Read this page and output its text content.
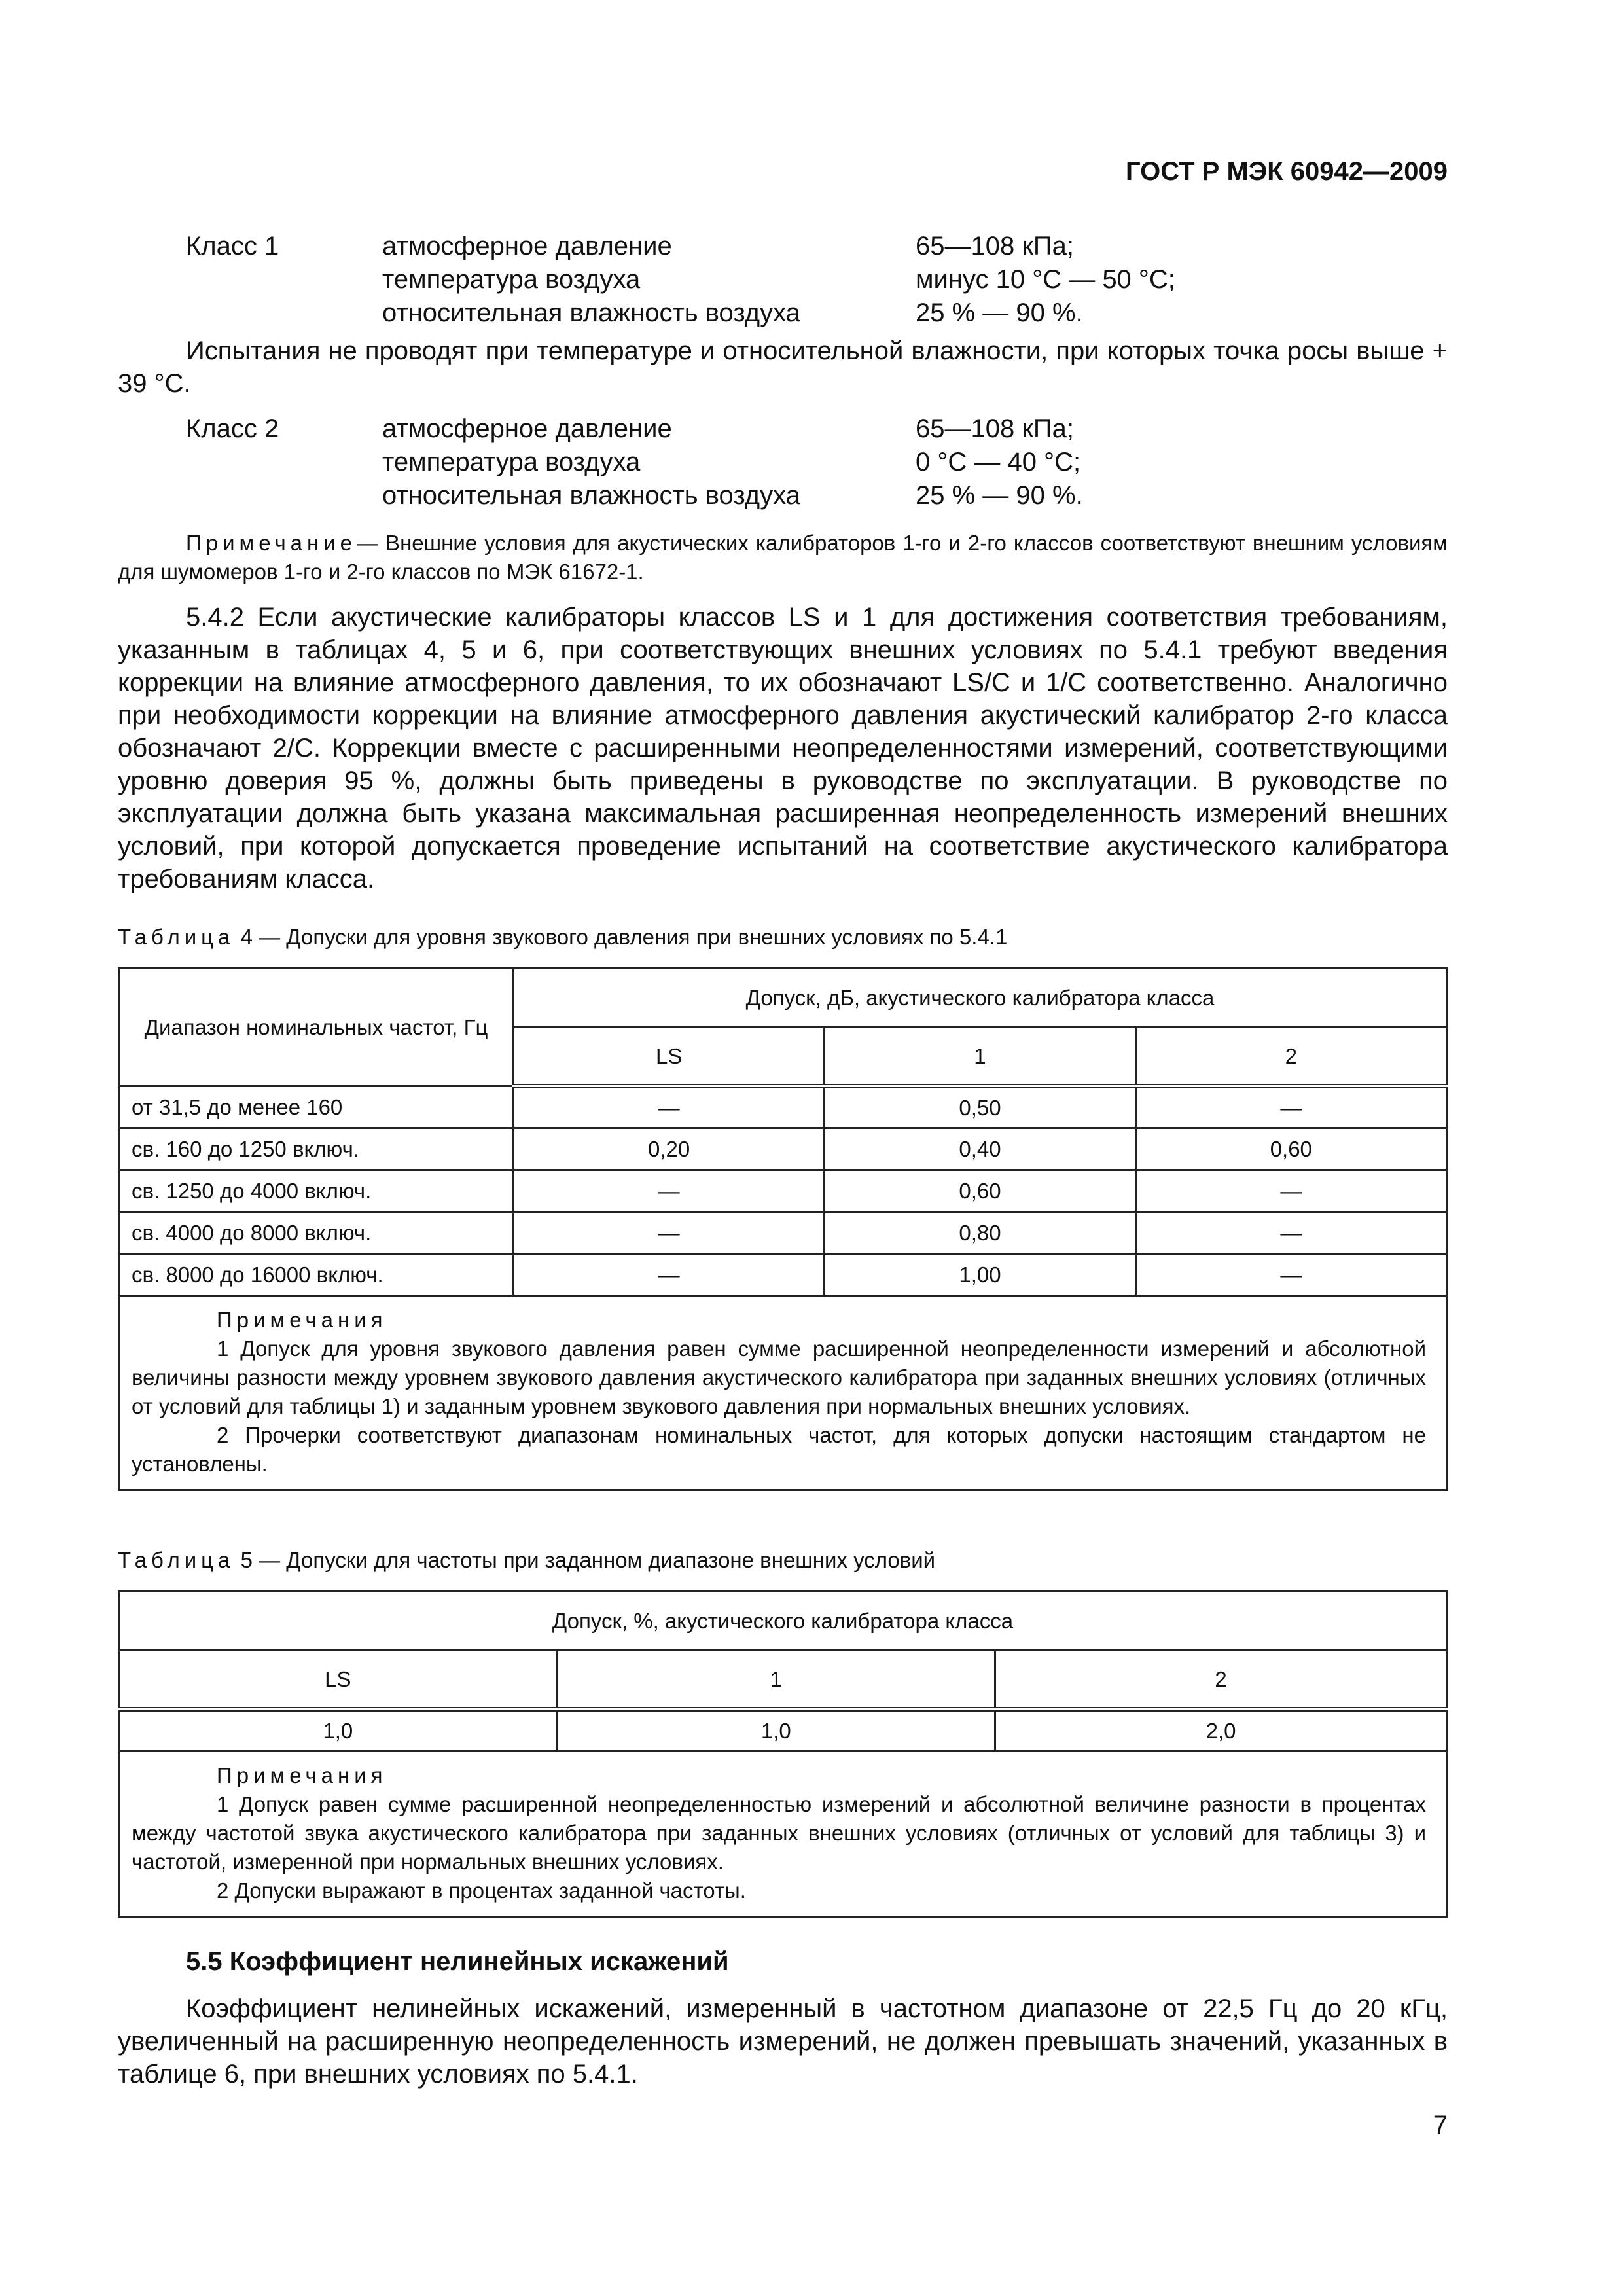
ГОСТ Р МЭК 60942—2009
Класс 1	атмосферное давление	65—108 кПа;
температура воздуха	минус 10 °С — 50 °С;
относительная влажность воздуха	25 % — 90 %.
Испытания не проводят при температуре и относительной влажности, при которых точка росы выше + 39 °С.
Класс 2	атмосферное давление	65—108 кПа;
температура воздуха	0 °С — 40 °С;
относительная влажность воздуха	25 % — 90 %.
Примечание— Внешние условия для акустических калибраторов 1-го и 2-го классов соответствуют внешним условиям для шумомеров 1-го и 2-го классов по МЭК 61672-1.
5.4.2 Если акустические калибраторы классов LS и 1 для достижения соответствия требованиям, указанным в таблицах 4, 5 и 6, при соответствующих внешних условиях по 5.4.1 требуют введения коррекции на влияние атмосферного давления, то их обозначают LS/C и 1/C соответственно. Аналогично при необходимости коррекции на влияние атмосферного давления акустический калибратор 2-го класса обозначают 2/C. Коррекции вместе с расширенными неопределенностями измерений, соответствующими уровню доверия 95 %, должны быть приведены в руководстве по эксплуатации. В руководстве по эксплуатации должна быть указана максимальная расширенная неопределенность измерений внешних условий, при которой допускается проведение испытаний на соответствие акустического калибратора требованиям класса.
Таблица 4 — Допуски для уровня звукового давления при внешних условиях по 5.4.1
Диапазон номинальных частот, Гц	Допуск, дБ, акустического калибратора класса		
	LS	1	2
от 31,5 до менее 160	—	0,50	—
св. 160 до 1250 включ.	0,20	0,40	0,60
св. 1250 до 4000 включ.	—	0,60	—
св. 4000 до 8000 включ.	—	0,80	—
св. 8000 до 16000 включ.	—	1,00	—

Примечания
1 Допуск для уровня звукового давления равен сумме расширенной неопределенности измерений и абсолютной величины разности между уровнем звукового давления акустического калибратора при заданных внешних условиях (отличных от условий для таблицы 1) и заданным уровнем звукового давления при нормальных внешних условиях.
2 Прочерки соответствуют диапазонам номинальных частот, для которых допуски настоящим стандартом не установлены.			
Таблица 5 — Допуски для частоты при заданном диапазоне внешних условий
Допуск, %, акустического калибратора класса		
LS	1	2
1,0	1,0	2,0

Примечания
1 Допуск равен сумме расширенной неопределенностью измерений и абсолютной величине разности в процентах между частотой звука акустического калибратора при заданных внешних условиях (отличных от условий для таблицы 3) и частотой, измеренной при нормальных внешних условиях.
2 Допуски выражают в процентах заданной частоты.		
5.5 Коэффициент нелинейных искажений
Коэффициент нелинейных искажений, измеренный в частотном диапазоне от 22,5 Гц до 20 кГц, увеличенный на расширенную неопределенность измерений, не должен превышать значений, указанных в таблице 6, при внешних условиях по 5.4.1.
7
